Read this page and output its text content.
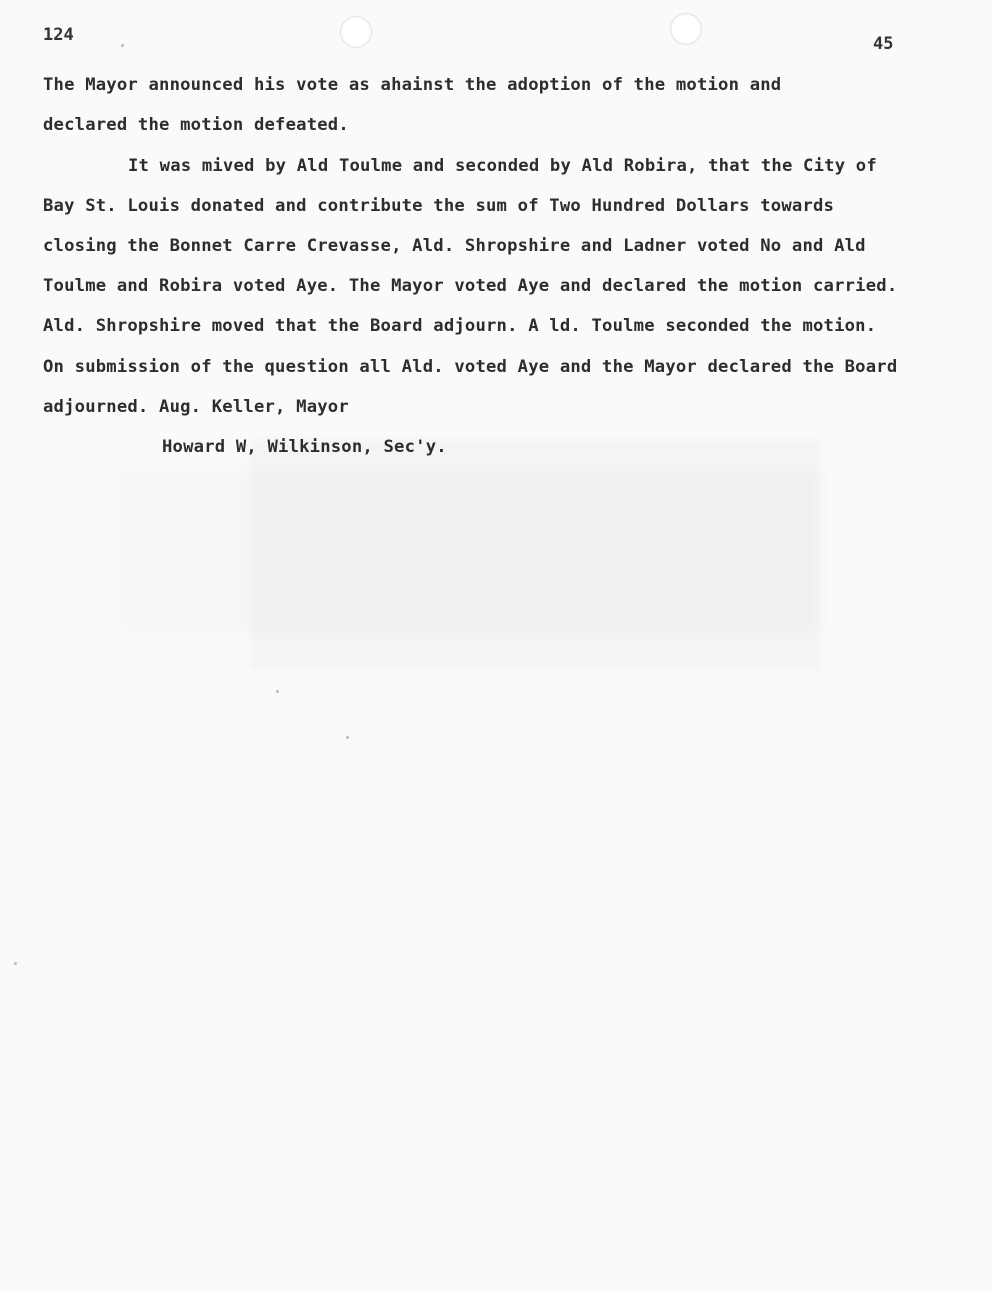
124	45
The Mayor announced his vote as ahainst the adoption of the motion and
declared the motion defeated.
It was mived by Ald Toulme and seconded by Ald Robira, that the City of
Bay St. Louis donated and contribute the sum of Two Hundred Dollars towards
closing the Bonnet Carre Crevasse, Ald. Shropshire and Ladner voted No and Ald
Toulme and Robira voted Aye. The Mayor voted Aye and declared the motion carried.
Ald. Shropshire moved that the Board adjourn. A ld. Toulme seconded the motion.
On submission of the question all Ald. voted Aye and the Mayor declared the Board
adjourned. Aug. Keller, Mayor
Howard W, Wilkinson, Sec'y.
